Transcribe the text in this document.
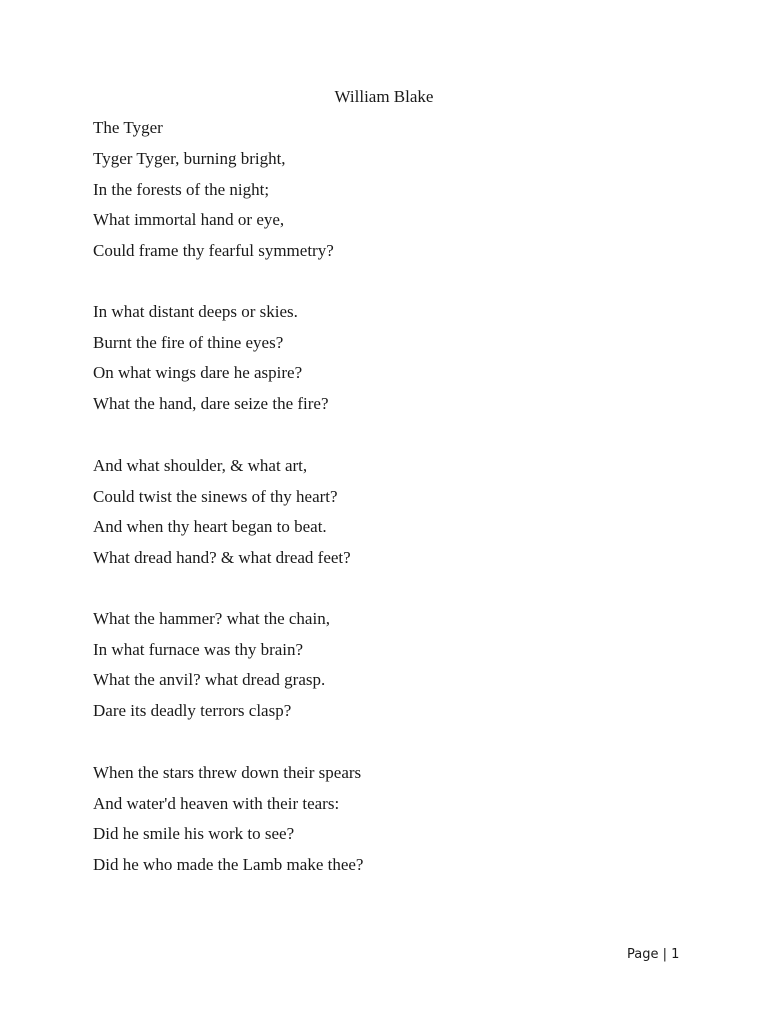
William Blake
The Tyger
Tyger Tyger, burning bright,
In the forests of the night;
What immortal hand or eye,
Could frame thy fearful symmetry?
In what distant deeps or skies.
Burnt the fire of thine eyes?
On what wings dare he aspire?
What the hand, dare seize the fire?
And what shoulder, & what art,
Could twist the sinews of thy heart?
And when thy heart began to beat.
What dread hand? & what dread feet?
What the hammer? what the chain,
In what furnace was thy brain?
What the anvil? what dread grasp.
Dare its deadly terrors clasp?
When the stars threw down their spears
And water'd heaven with their tears:
Did he smile his work to see?
Did he who made the Lamb make thee?
Page | 1
